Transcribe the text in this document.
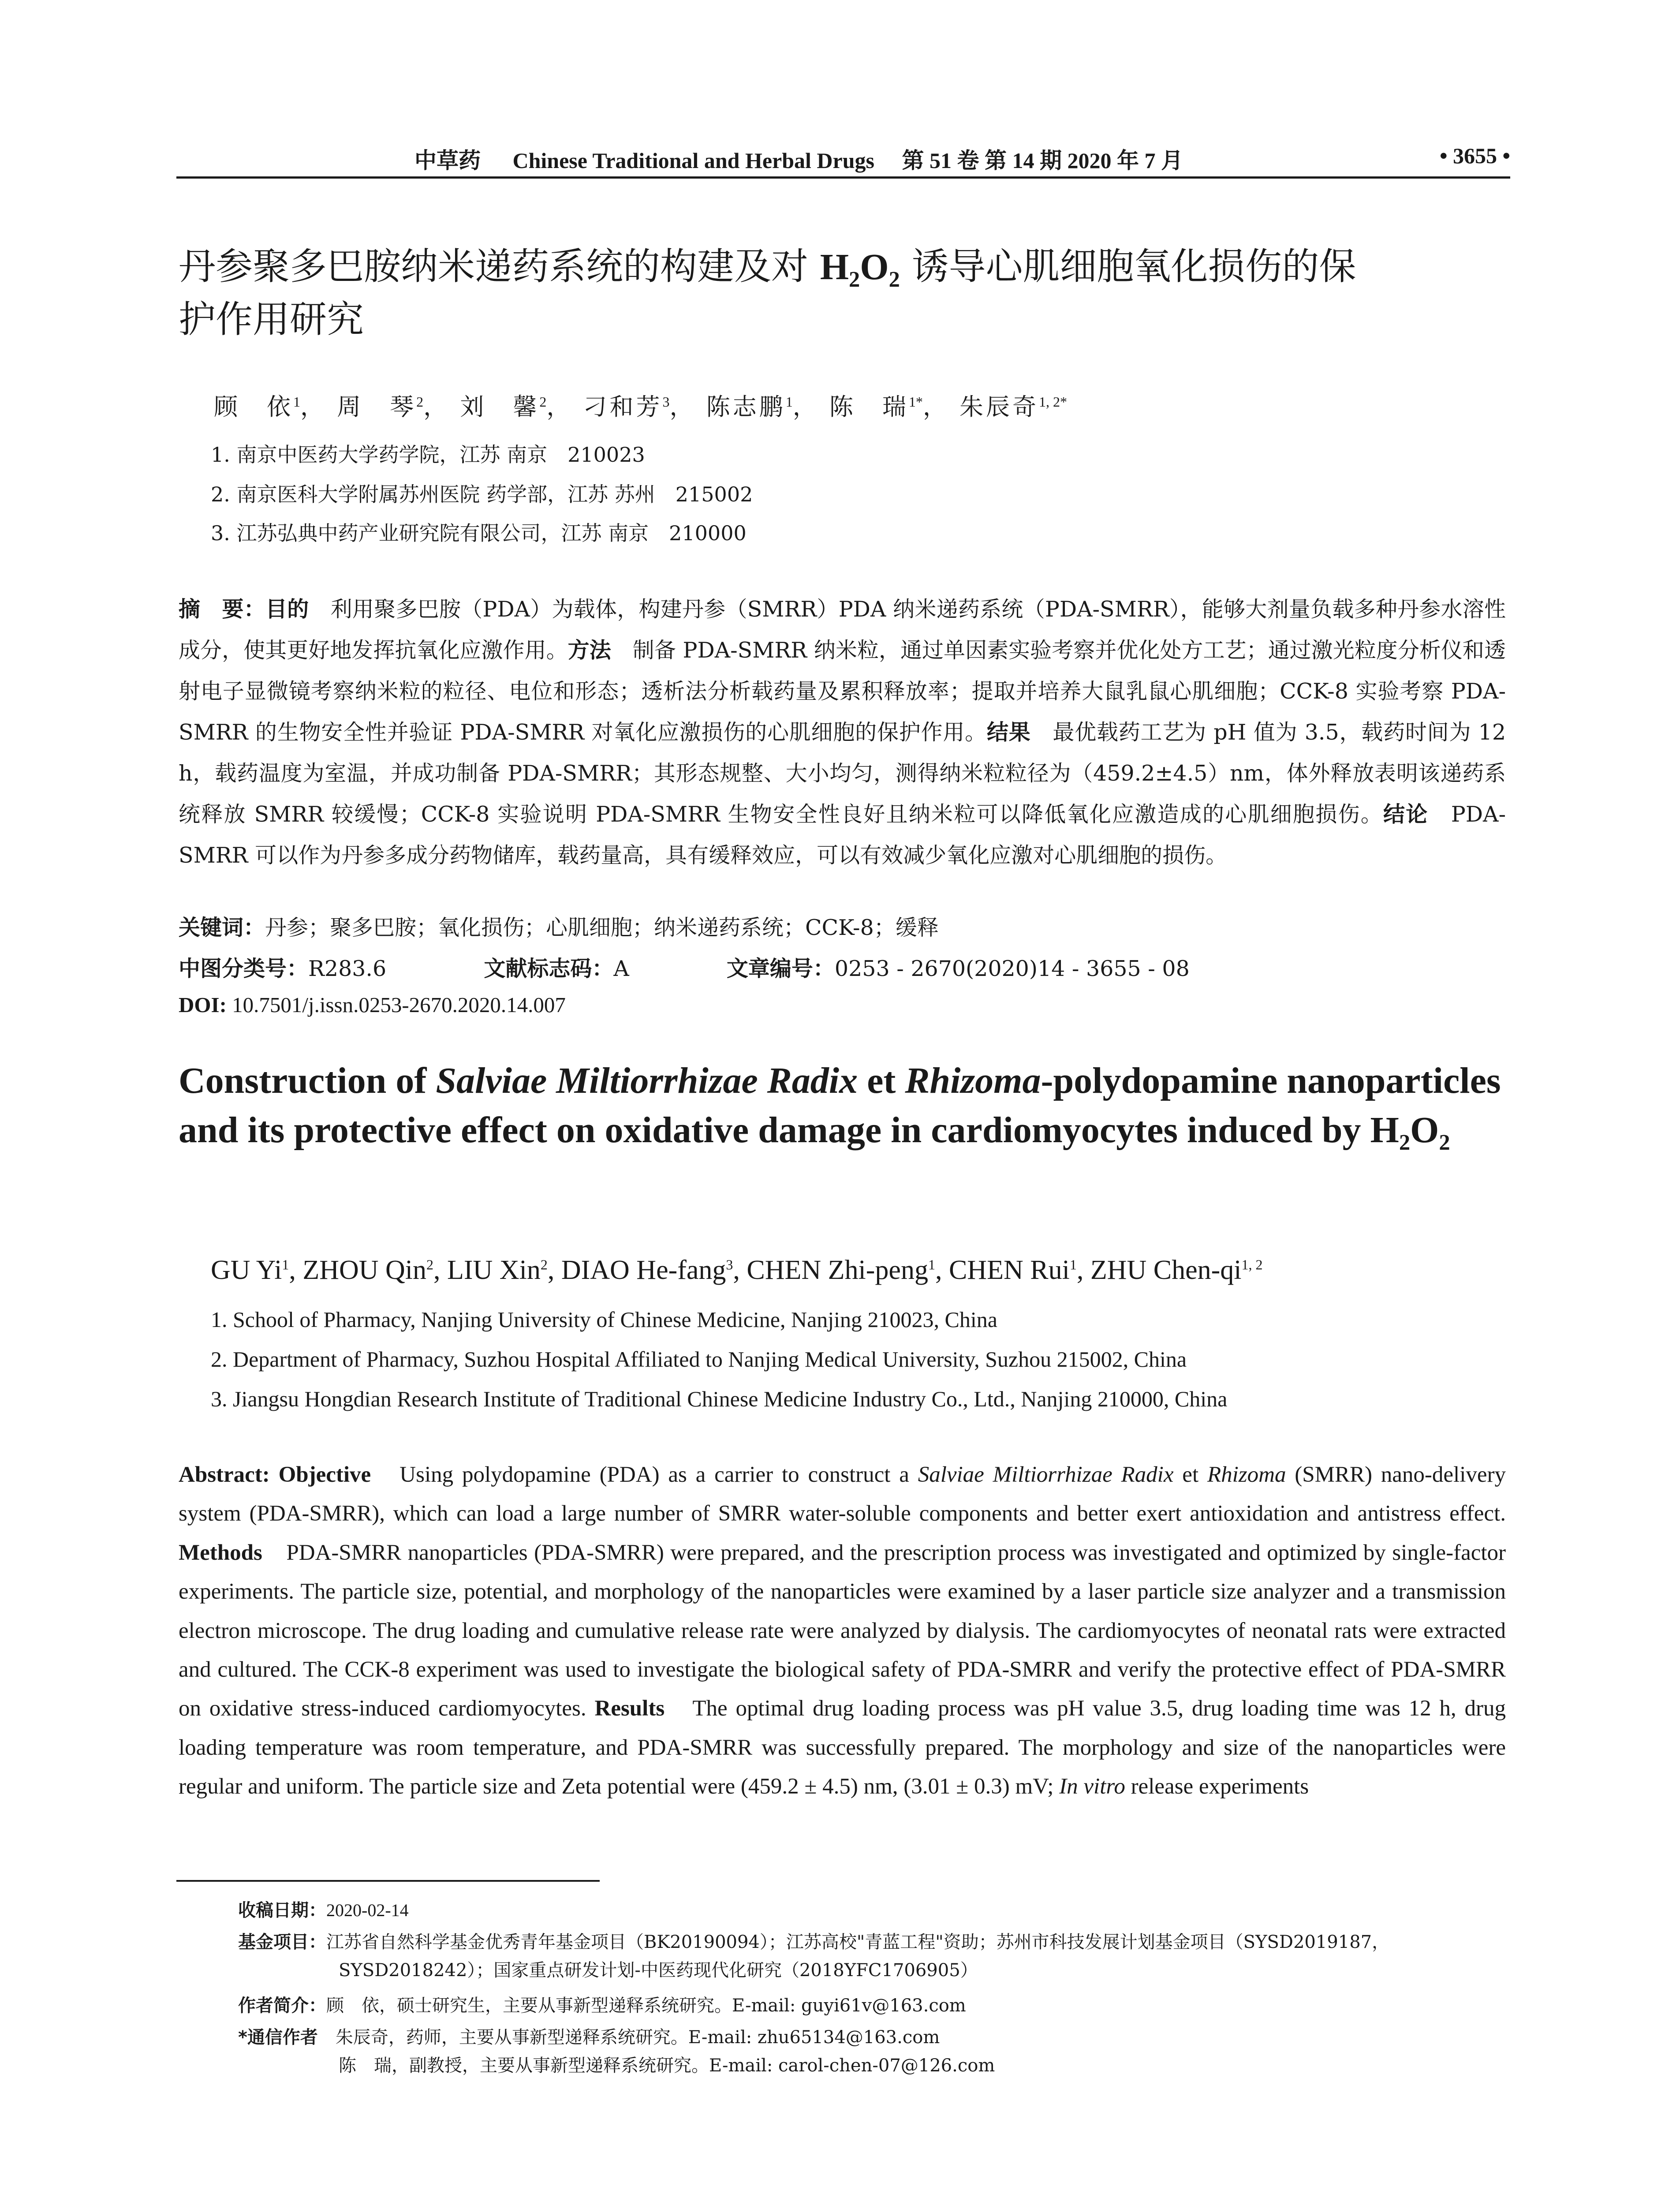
中草药 Chinese Traditional and Herbal Drugs 第 51 卷 第 14 期 2020 年 7 月	• 3655 •
丹参聚多巴胺纳米递药系统的构建及对 H₂O₂ 诱导心肌细胞氧化损伤的保
护作用研究
顾　依$^1$， 周　琴$^2$， 刘　馨$^2$， 刁和芳$^3$， 陈志鹏$^1$， 陈　瑞$^{1*}$， 朱辰奇$^{1, 2*}$
1. 南京中医药大学药学院，江苏 南京　210023
2. 南京医科大学附属苏州医院 药学部，江苏 苏州　215002
3. 江苏弘典中药产业研究院有限公司，江苏 南京　210000
摘　要：目的　利用聚多巴胺（PDA）为载体，构建丹参（SMRR）PDA 纳米递药系统（PDA-SMRR），能够大剂量负载多种丹参水溶性成分，使其更好地发挥抗氧化应激作用。方法　制备 PDA-SMRR 纳米粒，通过单因素实验考察并优化处方工艺；通过激光粒度分析仪和透射电子显微镜考察纳米粒的粒径、电位和形态；透析法分析载药量及累积释放率；提取并培养大鼠乳鼠心肌细胞；CCK-8 实验考察 PDA-SMRR 的生物安全性并验证 PDA-SMRR 对氧化应激损伤的心肌细胞的保护作用。结果　最优载药工艺为 pH 值为 3.5，载药时间为 12 h，载药温度为室温，并成功制备 PDA-SMRR；其形态规整、大小均匀，测得纳米粒粒径为（459.2±4.5）nm，体外释放表明该递药系统释放 SMRR 较缓慢；CCK-8 实验说明 PDA-SMRR 生物安全性良好且纳米粒可以降低氧化应激造成的心肌细胞损伤。结论　PDA-SMRR 可以作为丹参多成分药物储库，载药量高，具有缓释效应，可以有效减少氧化应激对心肌细胞的损伤。
关键词：丹参；聚多巴胺；氧化损伤；心肌细胞；纳米递药系统；CCK-8；缓释
中图分类号：R283.6	文献标志码：A	文章编号：0253 - 2670(2020)14 - 3655 - 08
DOI: 10.7501/j.issn.0253-2670.2020.14.007
Construction of Salviae Miltiorrhizae Radix et Rhizoma-polydopamine nanoparticles and its protective effect on oxidative damage in cardiomyocytes induced by H₂O₂
GU Yi$^1$, ZHOU Qin$^2$, LIU Xin$^2$, DIAO He-fang$^3$, CHEN Zhi-peng$^1$, CHEN Rui$^1$, ZHU Chen-qi$^{1, 2}$
1. School of Pharmacy, Nanjing University of Chinese Medicine, Nanjing 210023, China
2. Department of Pharmacy, Suzhou Hospital Affiliated to Nanjing Medical University, Suzhou 215002, China
3. Jiangsu Hongdian Research Institute of Traditional Chinese Medicine Industry Co., Ltd., Nanjing 210000, China
Abstract: Objective　Using polydopamine (PDA) as a carrier to construct a Salviae Miltiorrhizae Radix et Rhizoma (SMRR) nano-delivery system (PDA-SMRR), which can load a large number of SMRR water-soluble components and better exert antioxidation and antistress effect. Methods　PDA-SMRR nanoparticles (PDA-SMRR) were prepared, and the prescription process was investigated and optimized by single-factor experiments. The particle size, potential, and morphology of the nanoparticles were examined by a laser particle size analyzer and a transmission electron microscope. The drug loading and cumulative release rate were analyzed by dialysis. The cardiomyocytes of neonatal rats were extracted and cultured. The CCK-8 experiment was used to investigate the biological safety of PDA-SMRR and verify the protective effect of PDA-SMRR on oxidative stress-induced cardiomyocytes. Results　The optimal drug loading process was pH value 3.5, drug loading time was 12 h, drug loading temperature was room temperature, and PDA-SMRR was successfully prepared. The morphology and size of the nanoparticles were regular and uniform. The particle size and Zeta potential were (459.2 ± 4.5) nm, (3.01 ± 0.3) mV; In vitro release experiments
收稿日期：2020-02-14
基金项目：江苏省自然科学基金优秀青年基金项目（BK20190094）；江苏高校"青蓝工程"资助；苏州市科技发展计划基金项目（SYSD2019187，
SYSD2018242）；国家重点研发计划-中医药现代化研究（2018YFC1706905）
作者简介：顾　依，硕士研究生，主要从事新型递释系统研究。E-mail: guyi61v@163.com
*通信作者　朱辰奇，药师，主要从事新型递释系统研究。E-mail: zhu65134@163.com
陈　瑞，副教授，主要从事新型递释系统研究。E-mail: carol-chen-07@126.com
